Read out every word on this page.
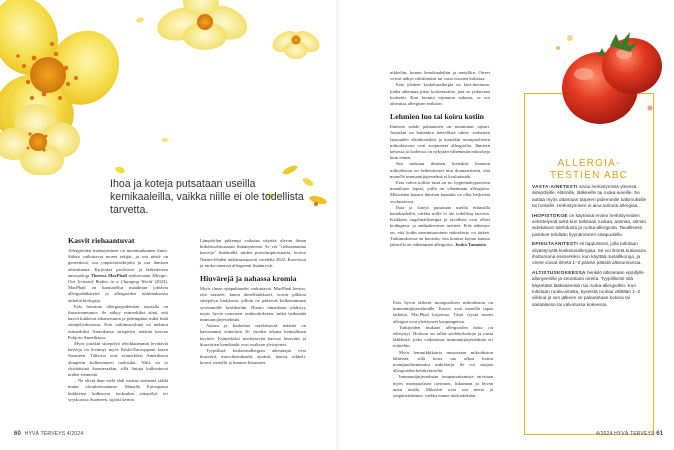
Ihoa ja koteja putsataan useilla kemikaaleilla, vaikka niille ei ole todellista tarvetta.
Kasvit riehaantuvat

Allergioiden lisääntyminen on monimutkainen ilmiö. Siihen vaikuttavat monet tekijät, ja osa niistä on geneettisiä, osa ympäristötekijöitä ja osa ihmisen aiheuttamia. Kirjoittaa professori ja lääketieteen antropologi Theresa MacPhail teoksessaan Allergic: Our Irritated Bodies in a Changing World (2023). MacPhail on haastatellut maailman johtavia allergialääkäreitä ja allergioiden tutkimuksessa tärkeitä biologeja.

Eräs havainto allergiaepidemian taustalla on ilmastonmuutos. Se näkyy esimerkiksi siinä, että kasvit kukkivat aikaisemmin ja pidempään, mikä lisää siitepölyaltistusta. Eräs tutkimusryhmä on tutkinut esimerkiksi Amerikassa siitepölyn määrän kasvua Pohjois-Amerikassa.

Myös joitakin siitepölyä tehokkaammin levittäviä kasveja on levinnyt myös Keski-Eurooppaan kuten Suomeen. Tällaisia ovat esimerkiksi Amerikassa alunperin kulkeutuneet tuoksukit. Niitä on jo yksittäisinä Suomessakin, sillä lintuja kulkeutuvat niiden siemeniä.

– Ne elivät ihan vielä ehdi tuottaa siemeniä täällä mutta olosuhteissamme. Muualla Euroopassa kukkivien kulkeuvat tuoksukin siitepölyä eri syyskuussa Suomeen, sijaitsi kertoo.

Lämpötilan pitkempi vaikutus näyttää olevan ilman biihdiosolskussaan lisääntyneenä. Se voi "riehaannuttaa kasveja" lisäämällä niiden proteiinipitoisuutta, kertoo Nature-lehden tutkimusraportti vuodelta 2022. Kasveissa ja ruoka-aineissa allergeenit lisääntyvät.

Hiuvärejä ja nahassa kromia

Myös ilman epäpuhtaudet vaikuttavat. MacPhail kertoo, että saasteet, kuten dieselhiukkaset, voivat pilkkoa siitepölyn hiukkasia, jolloin ne pääsevät kulkeutumaan syvemmälle keuhkoihin. Huono ilmanlaatu yhdistyy myös hyvin nousseen sauhuottokseen, mikä heikentää immuunijärjestelmää.

Asiaan ja koskettaa merkitsevää määrää on kasvattanut viimeisen 20 vuoden aikana kemiallinen käyttöö. Esimerkiksi merkitsevää kasvua hiusvärit ja hiusvärien kemikaalit ovat osaltaan yleistyneet.

Tyypillisiä kosketusallergian aiheuttajia ovat hiusvärit, muovikemikaalit, epoksit, hartsit, nikkeli, kromi, metallit ja kumien lisäaineet.

60 HYVÄ TERVEYS 4/2024

nikkeliin, kumin kemikaaleihin ja metalliin. Oireet voivat näkyä välittömästi tai vasta vuosien kuluttua.

Eräs yleinen kosketusallergia on käsi-ihottuma, jonka aiheuttaa jokin kosketusaine, jota on jatkuvasti koskettu. Kun kromia vapautuu nahasta, se voi aiheuttaa allergisen reaktion.

Lehmien luo tai koiru kotiin

Ihmisen suhde puhtauteen on muuttunut rajusti. Joistakin on kuitenkin tieteellistä tukea: varhaisen lapsuuden eläinkontaktit ja kontaktit monipuoliseen mikrobistoon ovat suojanneet allergioilta. Ihmisen kehossa ja kodeissa on nykyään vähemmän mikrobeja kuin ennen.

Sen mukaan ihmisen kontaktit luonnon mikrobiston on heikentyneet niin dramaattisesti, että monelle immuunijärjestelmä ei kouluttaudu.

Eräs vahva todiste tästä on ns. hygieniahypoteesin maatilojen lapset, joilla on vähemmän allergioita. Mikrobien kanssa ihmisen kontakti on ollut keskeistä evoluutiossa.

Ihoa ja koteja putsataan useilla erilaisilla kemikaaleilla, vaikka niille ei ole todellista tarvetta. Kaikkien ongelmallisimpia ja tavallisia ovat olleet kodinpesu- ja antibakteeriset tuotteet. Eräs näkemys on, että kodin monimuotoinen mikrobisto on tärkeä. Tutkimuksessa on havaittu, että kotinsa koiran kanssa jakavilla on vähemmän allergioita. Jouko Tuomisto

Eräs hyvin tärkeää monipuolisen mikrobiston on immuunijärjestelmälle. Kasvit ovat monella tapaa tärkeitä, MacPhail kirjoittaa. Tästä syystä monet allergiat ovat yleistyneet kaupungeissa.

Tutkijoiden mukaan allergioiden hoito on edistynyt. Hoitoon on tullut siedätyshoitoja ja uusia lääkkeitä, jotka vaikuttavat immuunijärjestelmän eri reitteihin.

Myös lemmikkikoiria muistetaan mikrobiston lähteenä, sillä koira tuo ulkoa kotiin monipuolisemmaksi mikrobeja. Se voi suojata allergioiden kehittymiseltä.

Immuunijärjestelmän tasapainottamista tarvitaan myös monipuolisen ravinnon, liikunnan ja hyvän unen avulla. Mikrobit ovat osa meitä ja ympäristöämme, vaikka emme niitä näekään.

ALLERGIA-
TESTIEN ABC

VASTA-AINETESTI arvioi herkistymistä yleensä siitepölyille, eläimille, lääkkeille tai ruoka-aineille. Se auttaa myös ottamaan tarpeen pidemmille tutkimuksille tai hoitoille. Herkistyminen ei aina tarkoita allergiaa.

IHOPISTOKOE on käytössä eniten herkistyneiden selvittelyssä sekä kun tutkitaan ruokaa, astmaa, silmän sidekalvon tulehdusta ja ruoka-allergioita. Tavallisesti pistokoe tehdään kyynärvarren sisäpuolelle.

EPIKUTAANITESTI eli lappustesti, jolla tutkitaan viivästynyttä kosketusallergiaa. Se voi ilmetä kutiavana ihottumana esimerkiksi, kun käyttää metallikoruja, ja oireet voivat ilmetä 1–2 päivän päästä altistumisesta.

ALTISTUSKOKEESSA henkilö altistetaan epäillylle allergeenille ja seurataan oireita. Tyypillisesti sitä käytetään lääkeaineisiin tai ruoka-allergioihin. Kun tutkitaan ruoka-aineita, kyseistä ruokaa välttään 1–2 viikkoa ja sen jälkeen se palautetaan kotona tai sairaalassa tai valvotussa kokeessa.

4/2024 HYVÄ TERVEYS 61
